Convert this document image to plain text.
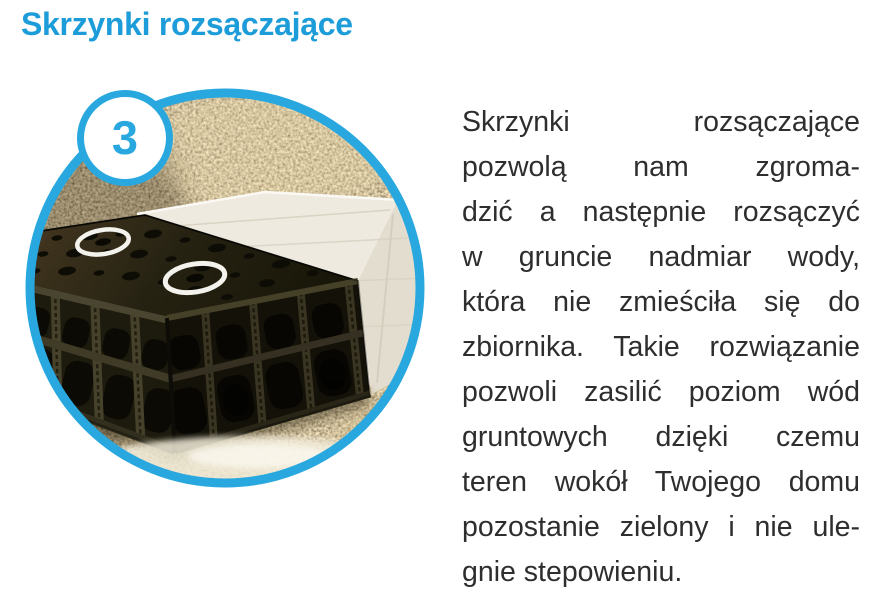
Skrzynki rozsączające
3	Skrzynki rozsączające
pozwolą nam zgroma-
dzić a następnie rozsączyć
w gruncie nadmiar wody,
która nie zmieściła się do
zbiornika. Takie rozwiązanie
pozwoli zasilić poziom wód
gruntowych dzięki czemu
teren wokół Twojego domu
pozostanie zielony i nie ule-
gnie stepowieniu.
